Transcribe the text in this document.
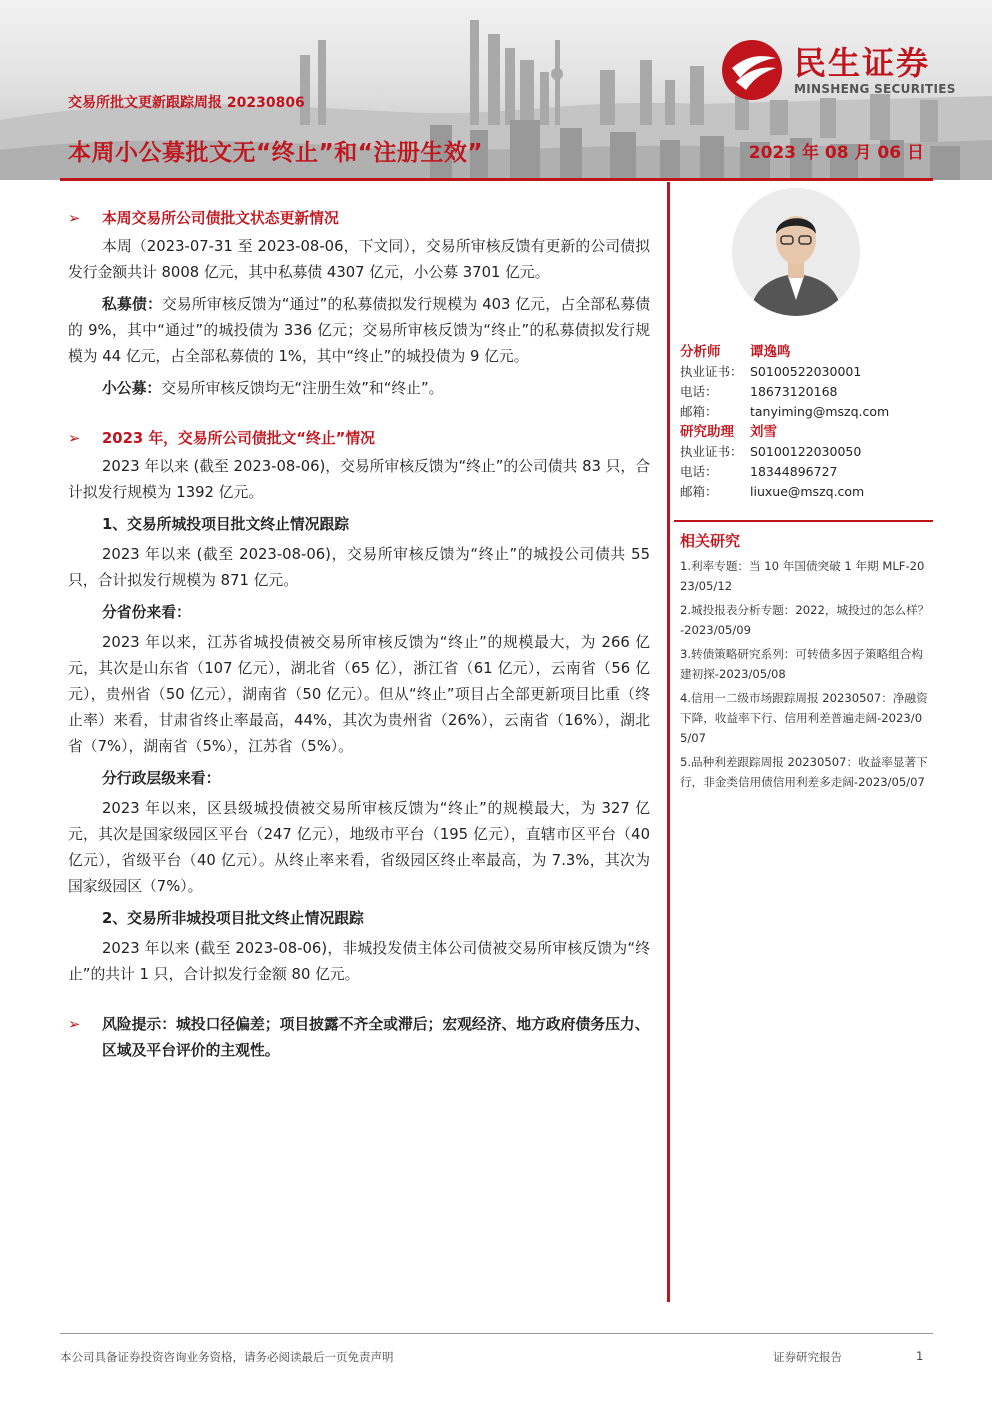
民生证券
MINSHENG SECURITIES
交易所批文更新跟踪周报 20230806
本周小公募批文无“终止”和“注册生效”	2023 年 08 月 06 日
➢ 本周交易所公司债批文状态更新情况

本周（2023-07-31 至 2023-08-06，下文同），交易所审核反馈有更新的公司债拟发行金额共计 8008 亿元，其中私募债 4307 亿元，小公募 3701 亿元。

私募债：交易所审核反馈为“通过”的私募债拟发行规模为 403 亿元，占全部私募债的 9%，其中“通过”的城投债为 336 亿元；交易所审核反馈为“终止”的私募债拟发行规模为 44 亿元，占全部私募债的 1%，其中“终止”的城投债为 9 亿元。

小公募：交易所审核反馈均无“注册生效”和“终止”。

➢ 2023 年，交易所公司债批文“终止”情况

2023 年以来 (截至 2023-08-06)，交易所审核反馈为“终止”的公司债共 83 只，合计拟发行规模为 1392 亿元。

1、交易所城投项目批文终止情况跟踪

2023 年以来 (截至 2023-08-06)，交易所审核反馈为“终止”的城投公司债共 55 只，合计拟发行规模为 871 亿元。

分省份来看：

2023 年以来，江苏省城投债被交易所审核反馈为“终止”的规模最大，为 266 亿元，其次是山东省（107 亿元），湖北省（65 亿），浙江省（61 亿元），云南省（56 亿元），贵州省（50 亿元），湖南省（50 亿元）。但从“终止”项目占全部更新项目比重（终止率）来看，甘肃省终止率最高，44%，其次为贵州省（26%），云南省（16%），湖北省（7%），湖南省（5%），江苏省（5%）。

分行政层级来看：

2023 年以来，区县级城投债被交易所审核反馈为“终止”的规模最大，为 327 亿元，其次是国家级园区平台（247 亿元），地级市平台（195 亿元），直辖市区平台（40 亿元），省级平台（40 亿元）。从终止率来看，省级园区终止率最高，为 7.3%，其次为国家级园区（7%）。

2、交易所非城投项目批文终止情况跟踪

2023 年以来 (截至 2023-08-06)，非城投发债主体公司债被交易所审核反馈为“终止”的共计 1 只，合计拟发行金额 80 亿元。

➢ 风险提示：城投口径偏差；项目披露不齐全或滞后；宏观经济、地方政府债务压力、区域及平台评价的主观性。
分析师 谭逸鸣
执业证书： S0100522030001
电话：	18673120168
邮箱：	tanyiming@mszq.com
研究助理 刘雪
执业证书： S0100122030050
电话：	18344896727
邮箱：	liuxue@mszq.com
相关研究
1.利率专题：当 10 年国债突破 1 年期 MLF-2023/05/12
2.城投报表分析专题：2022，城投过的怎么样？-2023/05/09
3.转债策略研究系列：可转债多因子策略组合构建初探-2023/05/08
4.信用一二级市场跟踪周报 20230507：净融资下降，收益率下行、信用利差普遍走阔-2023/05/07
5.品种利差跟踪周报 20230507：收益率显著下行，非金类信用债信用利差多走阔-2023/05/07
本公司具备证券投资咨询业务资格，请务必阅读最后一页免责声明	证券研究报告	1
